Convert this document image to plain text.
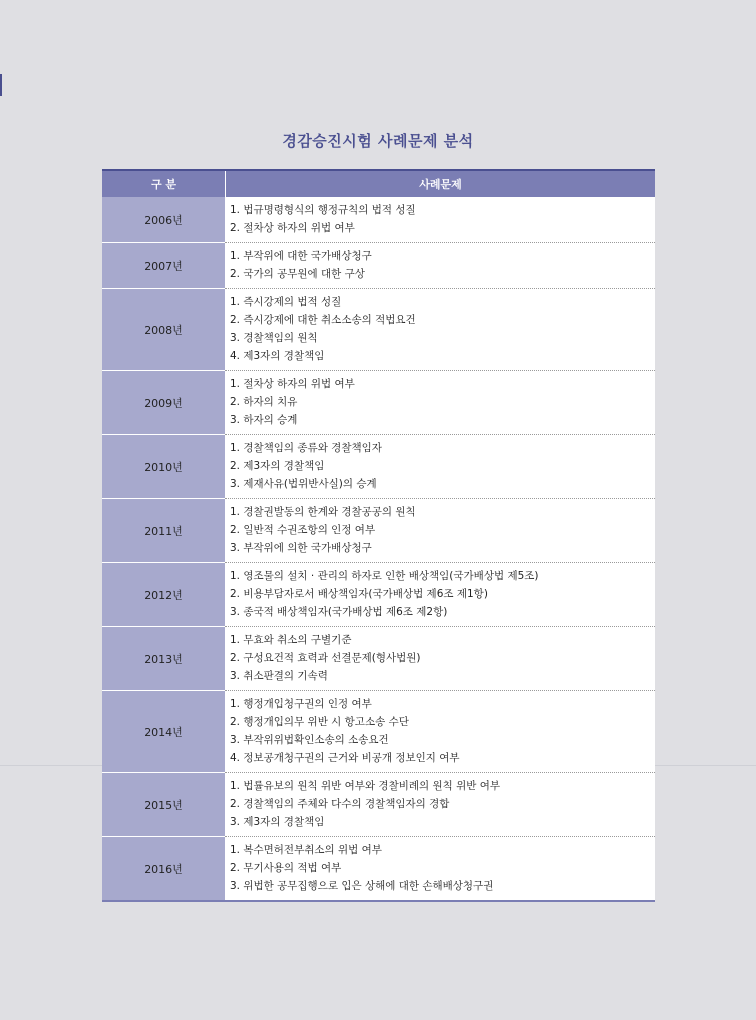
경감승진시험 사례문제 분석
구 분	사례문제
2006년
1. 법규명령형식의 행정규칙의 법적 성질
2. 절차상 하자의 위법 여부
2007년
1. 부작위에 대한 국가배상청구
2. 국가의 공무원에 대한 구상
2008년
1. 즉시강제의 법적 성질
2. 즉시강제에 대한 취소소송의 적법요건
3. 경찰책임의 원칙
4. 제3자의 경찰책임
2009년
1. 절차상 하자의 위법 여부
2. 하자의 치유
3. 하자의 승계
2010년
1. 경찰책임의 종류와 경찰책임자
2. 제3자의 경찰책임
3. 제재사유(법위반사실)의 승계
2011년
1. 경찰권발동의 한계와 경찰공공의 원칙
2. 일반적 수권조항의 인정 여부
3. 부작위에 의한 국가배상청구
2012년
1. 영조물의 설치 · 관리의 하자로 인한 배상책임(국가배상법 제5조)
2. 비용부담자로서 배상책임자(국가배상법 제6조 제1항)
3. 종국적 배상책임자(국가배상법 제6조 제2항)
2013년
1. 무효와 취소의 구별기준
2. 구성요건적 효력과 선결문제(형사법원)
3. 취소판결의 기속력
2014년
1. 행정개입청구권의 인정 여부
2. 행정개입의무 위반 시 항고소송 수단
3. 부작위위법확인소송의 소송요건
4. 정보공개청구권의 근거와 비공개 정보인지 여부
2015년
1. 법률유보의 원칙 위반 여부와 경찰비례의 원칙 위반 여부
2. 경찰책임의 주체와 다수의 경찰책임자의 경합
3. 제3자의 경찰책임
2016년
1. 복수면허전부취소의 위법 여부
2. 무기사용의 적법 여부
3. 위법한 공무집행으로 입은 상해에 대한 손해배상청구권
